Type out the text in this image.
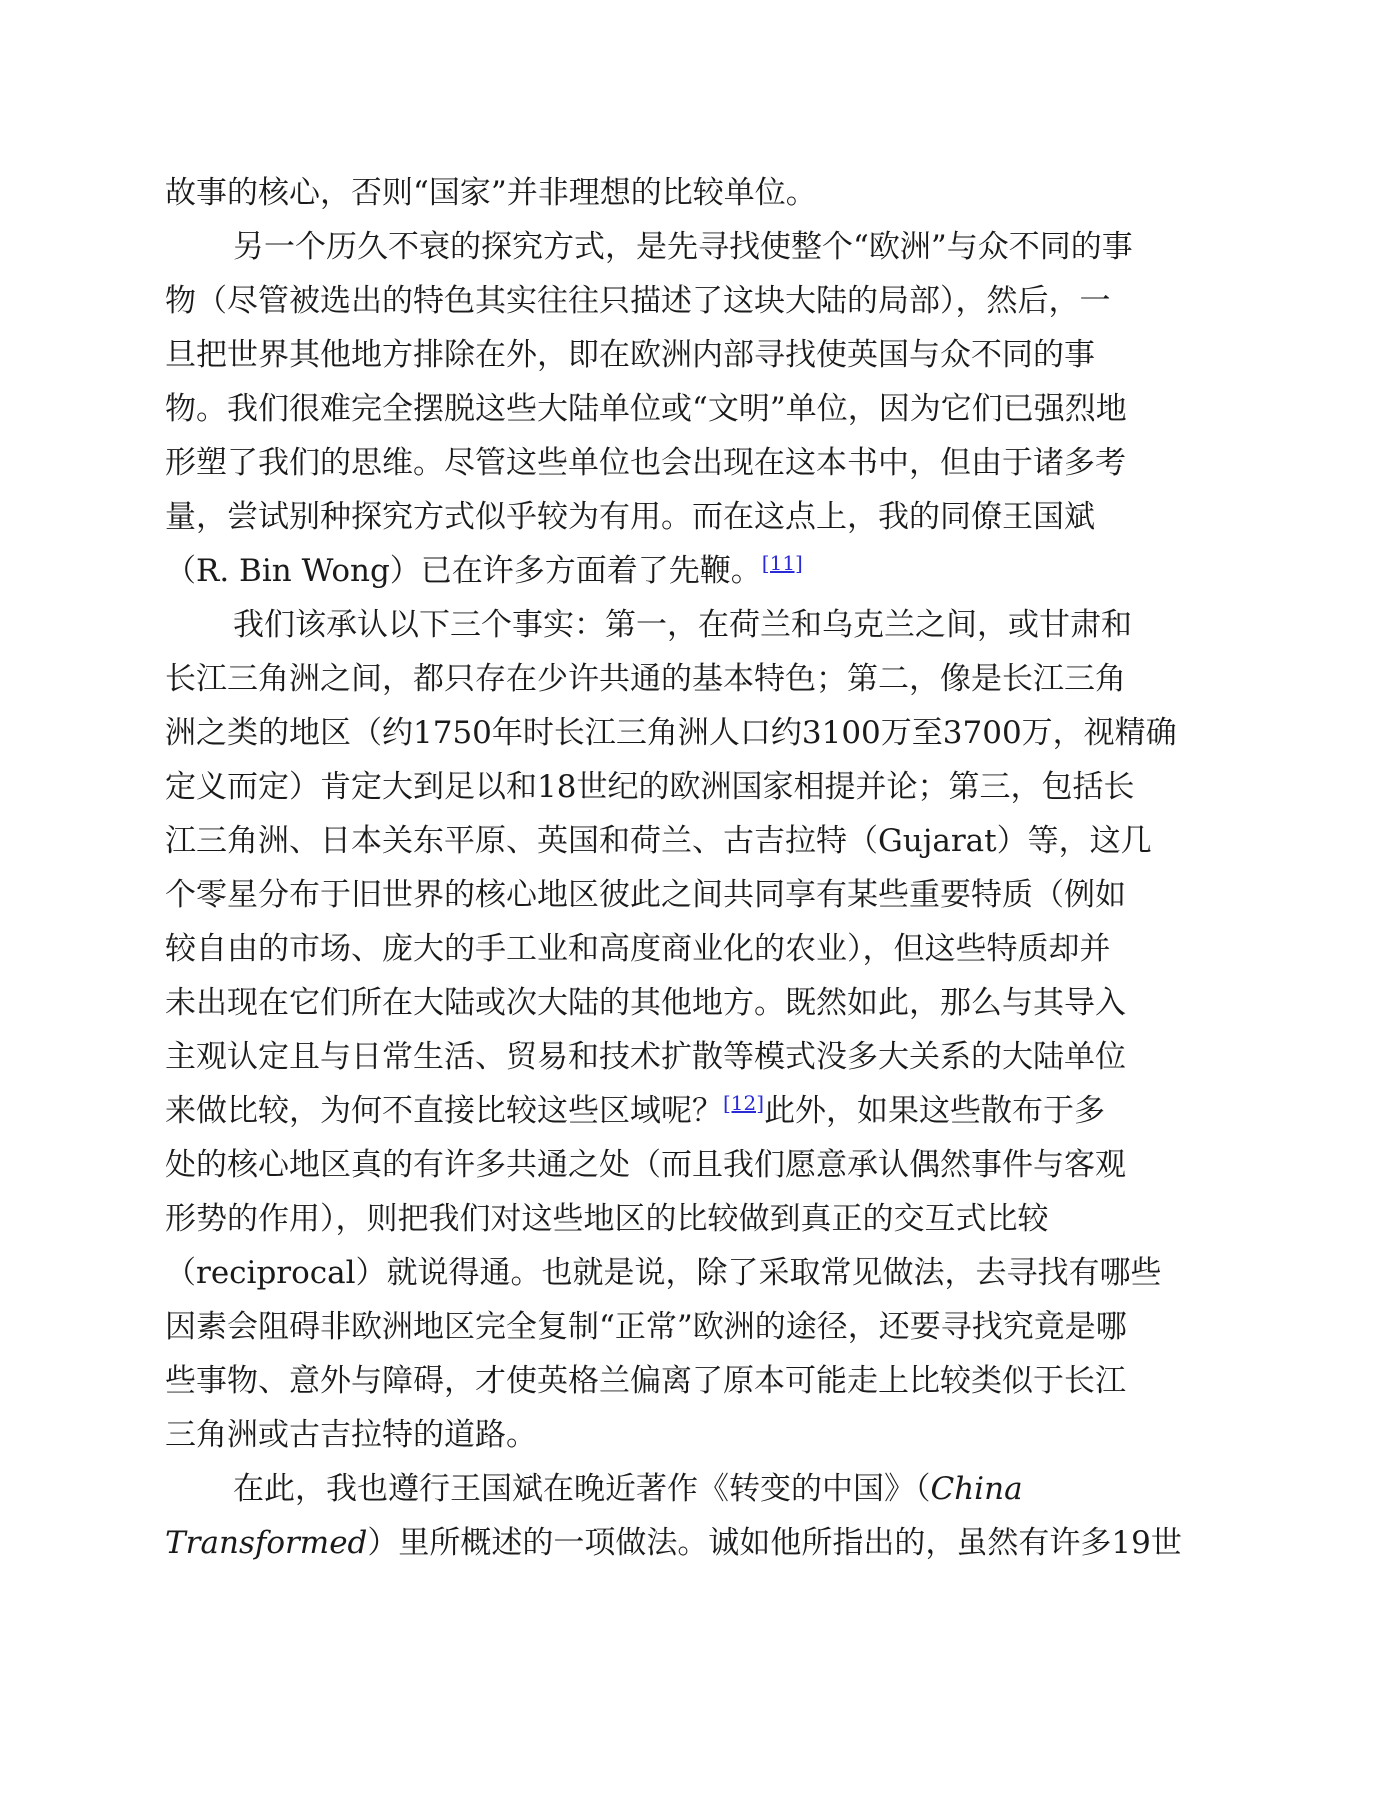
故事的核心，否则“国家”并非理想的比较单位。
另一个历久不衰的探究方式，是先寻找使整个“欧洲”与众不同的事
物（尽管被选出的特色其实往往只描述了这块大陆的局部），然后，一
旦把世界其他地方排除在外，即在欧洲内部寻找使英国与众不同的事
物。我们很难完全摆脱这些大陆单位或“文明”单位，因为它们已强烈地
形塑了我们的思维。尽管这些单位也会出现在这本书中，但由于诸多考
量，尝试别种探究方式似乎较为有用。而在这点上，我的同僚王国斌
（R. Bin Wong）已在许多方面着了先鞭。[11]
我们该承认以下三个事实：第一，在荷兰和乌克兰之间，或甘肃和
长江三角洲之间，都只存在少许共通的基本特色；第二，像是长江三角
洲之类的地区（约1750年时长江三角洲人口约3100万至3700万，视精确
定义而定）肯定大到足以和18世纪的欧洲国家相提并论；第三，包括长
江三角洲、日本关东平原、英国和荷兰、古吉拉特（Gujarat）等，这几
个零星分布于旧世界的核心地区彼此之间共同享有某些重要特质（例如
较自由的市场、庞大的手工业和高度商业化的农业），但这些特质却并
未出现在它们所在大陆或次大陆的其他地方。既然如此，那么与其导入
主观认定且与日常生活、贸易和技术扩散等模式没多大关系的大陆单位
来做比较，为何不直接比较这些区域呢？[12]此外，如果这些散布于多
处的核心地区真的有许多共通之处（而且我们愿意承认偶然事件与客观
形势的作用），则把我们对这些地区的比较做到真正的交互式比较
（reciprocal）就说得通。也就是说，除了采取常见做法，去寻找有哪些
因素会阻碍非欧洲地区完全复制“正常”欧洲的途径，还要寻找究竟是哪
些事物、意外与障碍，才使英格兰偏离了原本可能走上比较类似于长江
三角洲或古吉拉特的道路。
在此，我也遵行王国斌在晚近著作《转变的中国》（China
Transformed）里所概述的一项做法。诚如他所指出的，虽然有许多19世
